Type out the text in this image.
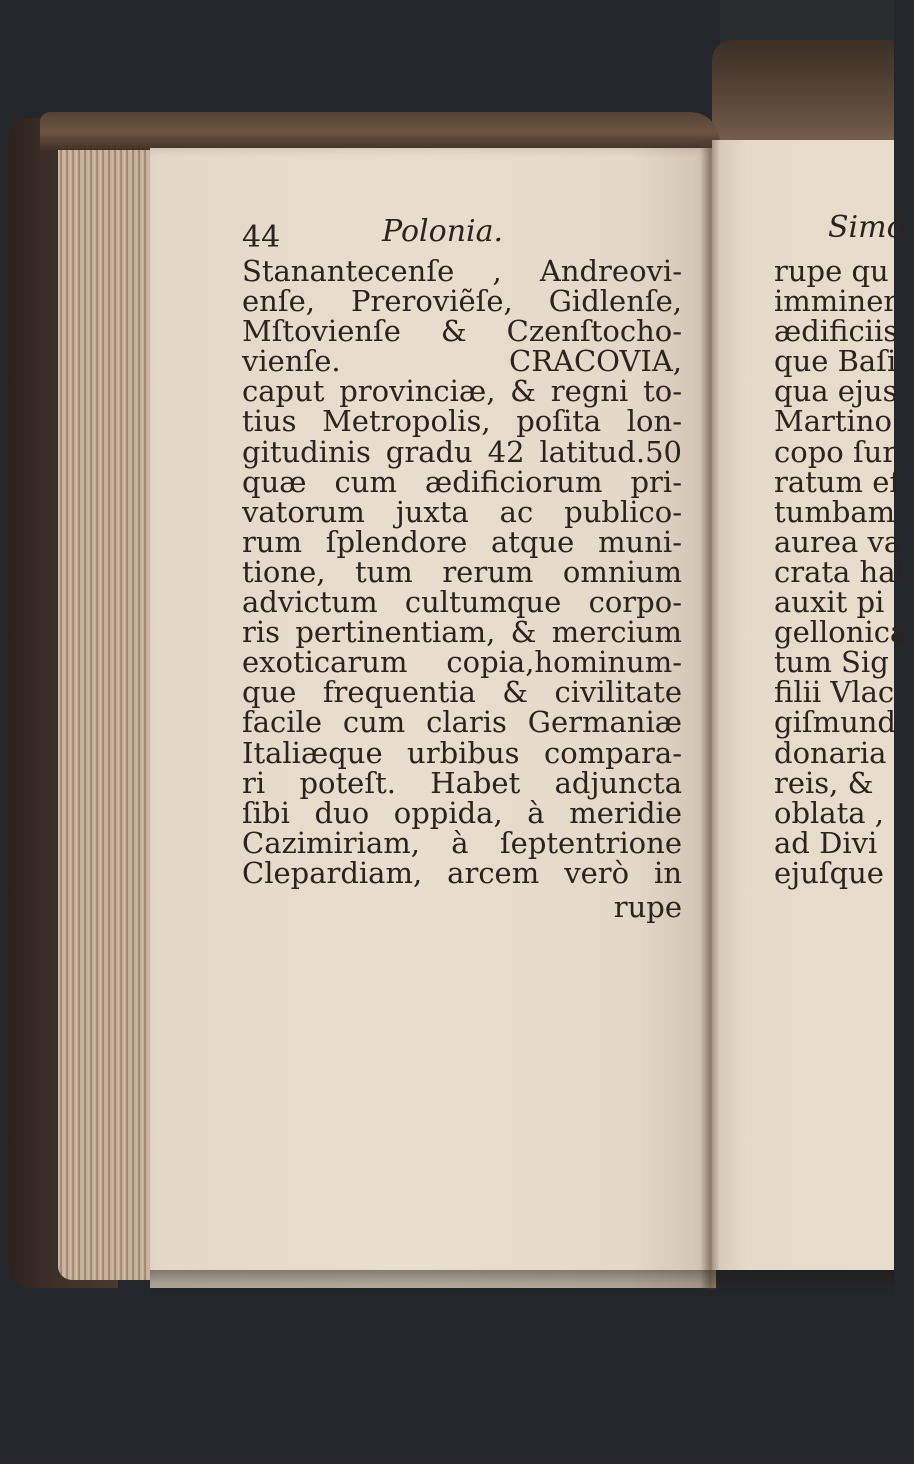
44	Polonia.
Stanantecenſe , Andreovi-
enſe, Preroviẽſe, Gidlenſe,
Mſtovienſe & Czenſtocho-
vienſe. CRACOVIA,
caput provinciæ, & regni to-
tius Metropolis, poſita lon-
gitudinis gradu 42 latitud.50
quæ cum ædificiorum pri-
vatorum juxta ac publico-
rum ſplendore atque muni-
tione, tum rerum omnium
advictum cultumque corpo-
ris pertinentiam, & mercium
exoticarum copia,hominum-
que frequentia & civilitate
facile cum claris Germaniæ
Italiæque urbibus compara-
ri poteſt. Habet adjuncta
ſibi duo oppida, à meridie
Cazimiriam, à ſeptentrione
Clepardiam, arcem verò in
rupe
Simo
rupe qu
imminer
ædificiis
que Baſi
qua ejus
Martino
copo ſur
ratum eſ
tumbam
aurea va
crata hal
auxit pi
gellonica
tum Sig
filii Vlac
giſmund
donaria
reis, &
oblata ,
ad Divi
ejuſque
